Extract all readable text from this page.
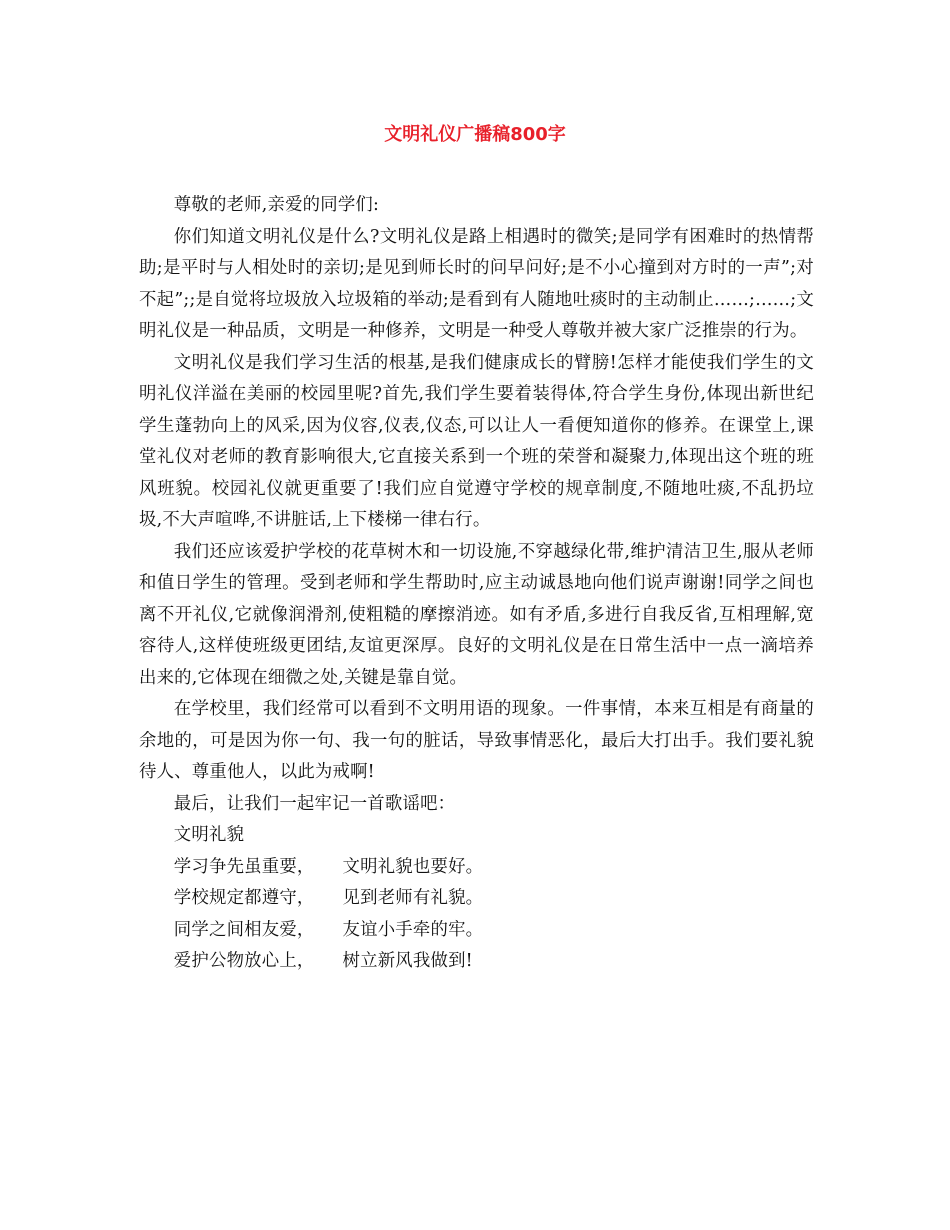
文明礼仪广播稿800字

尊敬的老师,亲爱的同学们:

你们知道文明礼仪是什么?文明礼仪是路上相遇时的微笑;是同学有困难时的热情帮助;是平时与人相处时的亲切;是见到师长时的问早问好;是不小心撞到对方时的一声”;对不起”;;是自觉将垃圾放入垃圾箱的举动;是看到有人随地吐痰时的主动制止……;……;文明礼仪是一种品质，文明是一种修养，文明是一种受人尊敬并被大家广泛推崇的行为。

文明礼仪是我们学习生活的根基,是我们健康成长的臂膀!怎样才能使我们学生的文明礼仪洋溢在美丽的校园里呢?首先,我们学生要着装得体,符合学生身份,体现出新世纪学生蓬勃向上的风采,因为仪容,仪表,仪态,可以让人一看便知道你的修养。在课堂上,课堂礼仪对老师的教育影响很大,它直接关系到一个班的荣誉和凝聚力,体现出这个班的班风班貌。校园礼仪就更重要了!我们应自觉遵守学校的规章制度,不随地吐痰,不乱扔垃圾,不大声喧哗,不讲脏话,上下楼梯一律右行。

我们还应该爱护学校的花草树木和一切设施,不穿越绿化带,维护清洁卫生,服从老师和值日学生的管理。受到老师和学生帮助时,应主动诚恳地向他们说声谢谢!同学之间也离不开礼仪,它就像润滑剂,使粗糙的摩擦消迹。如有矛盾,多进行自我反省,互相理解,宽容待人,这样使班级更团结,友谊更深厚。良好的文明礼仪是在日常生活中一点一滴培养出来的,它体现在细微之处,关键是靠自觉。

在学校里，我们经常可以看到不文明用语的现象。一件事情，本来互相是有商量的余地的，可是因为你一句、我一句的脏话，导致事情恶化，最后大打出手。我们要礼貌待人、尊重他人，以此为戒啊!

最后，让我们一起牢记一首歌谣吧：

文明礼貌

学习争先虽重要， 文明礼貌也要好。

学校规定都遵守， 见到老师有礼貌。

同学之间相友爱， 友谊小手牵的牢。

爱护公物放心上， 树立新风我做到!
